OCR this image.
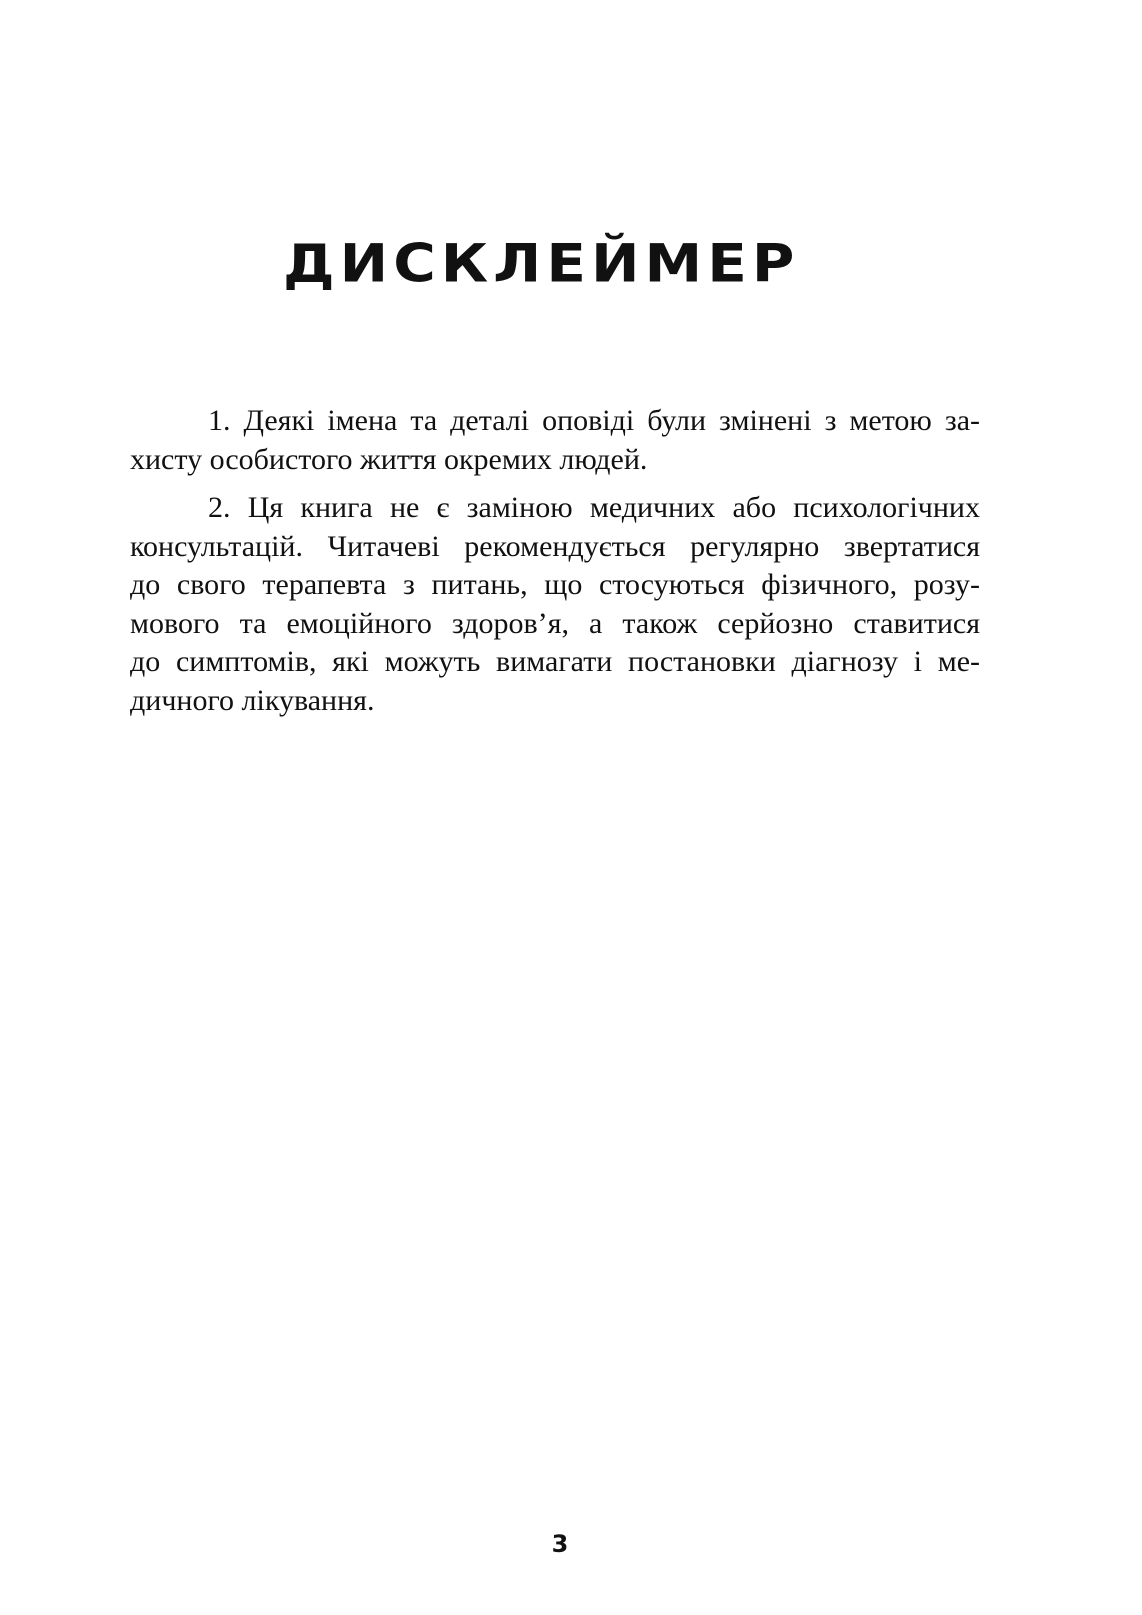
ДИСКЛЕЙМЕР
1. Деякі імена та деталі оповіді були змінені з метою за-
хисту особистого життя окремих людей.
2. Ця книга не є заміною медичних або психологічних
консультацій. Читачеві рекомендується регулярно звертатися
до свого терапевта з питань, що стосуються фізичного, розу-
мового та емоційного здоров’я, а також серйозно ставитися
до симптомів, які можуть вимагати постановки діагнозу і ме-
дичного лікування.
3
